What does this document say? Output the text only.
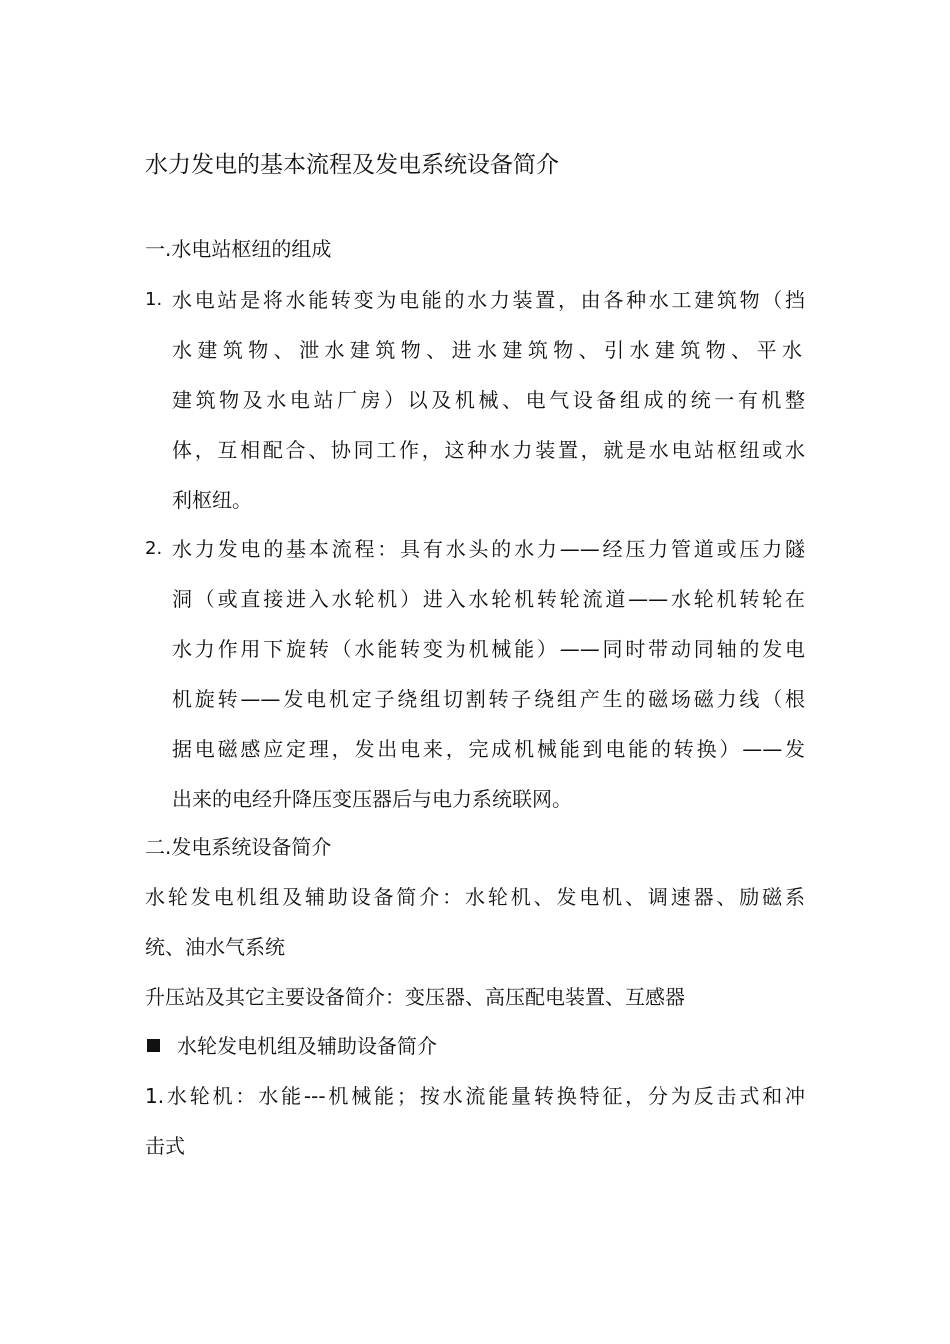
水力发电的基本流程及发电系统设备简介
一.水电站枢纽的组成
1. 水电站是将水能转变为电能的水力装置，由各种水工建筑物（挡
水建筑物、泄水建筑物、进水建筑物、引水建筑物、平水
建筑物及水电站厂房）以及机械、电气设备组成的统一有机整
体，互相配合、协同工作，这种水力装置，就是水电站枢纽或水
利枢纽。
2. 水力发电的基本流程：具有水头的水力——经压力管道或压力隧
洞（或直接进入水轮机）进入水轮机转轮流道——水轮机转轮在
水力作用下旋转（水能转变为机械能）——同时带动同轴的发电
机旋转——发电机定子绕组切割转子绕组产生的磁场磁力线（根
据电磁感应定理，发出电来，完成机械能到电能的转换）——发
出来的电经升降压变压器后与电力系统联网。
二.发电系统设备简介
水轮发电机组及辅助设备简介：水轮机、发电机、调速器、励磁系
统、油水气系统
升压站及其它主要设备简介：变压器、高压配电装置、互感器
水轮发电机组及辅助设备简介
1.水轮机：水能---机械能；按水流能量转换特征，分为反击式和冲
击式
